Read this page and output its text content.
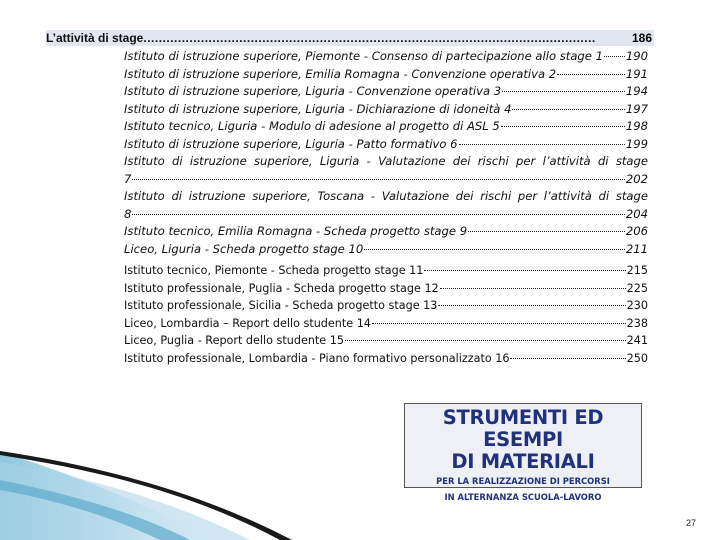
L’attività di stage......................................................................................................................	186
Istituto di istruzione superiore, Piemonte - Consenso di partecipazione allo stage 1 190
Istituto di istruzione superiore, Emilia Romagna - Convenzione operativa 2	191
Istituto di istruzione superiore, Liguria - Convenzione operativa 3	194
Istituto di istruzione superiore, Liguria - Dichiarazione di idoneità 4	197
Istituto tecnico, Liguria - Modulo di adesione al progetto di ASL 5	198
Istituto di istruzione superiore, Liguria - Patto formativo 6	199
Istituto di istruzione superiore, Liguria - Valutazione dei rischi per l’attività di stage
7	202
Istituto di istruzione superiore, Toscana - Valutazione dei rischi per l’attività di stage
8	204
Istituto tecnico, Emilia Romagna - Scheda progetto stage 9	206
Liceo, Liguria - Scheda progetto stage 10	211
Istituto tecnico, Piemonte - Scheda progetto stage 11	215
Istituto professionale, Puglia - Scheda progetto stage 12	225
Istituto professionale, Sicilia - Scheda progetto stage 13	230
Liceo, Lombardia – Report dello studente 14	238
Liceo, Puglia - Report dello studente 15	241
Istituto professionale, Lombardia - Piano formativo personalizzato 16	250
STRUMENTI ED ESEMPI
DI MATERIALI
PER LA REALIZZAZIONE DI PERCORSI
IN ALTERNANZA SCUOLA-LAVORO
27
